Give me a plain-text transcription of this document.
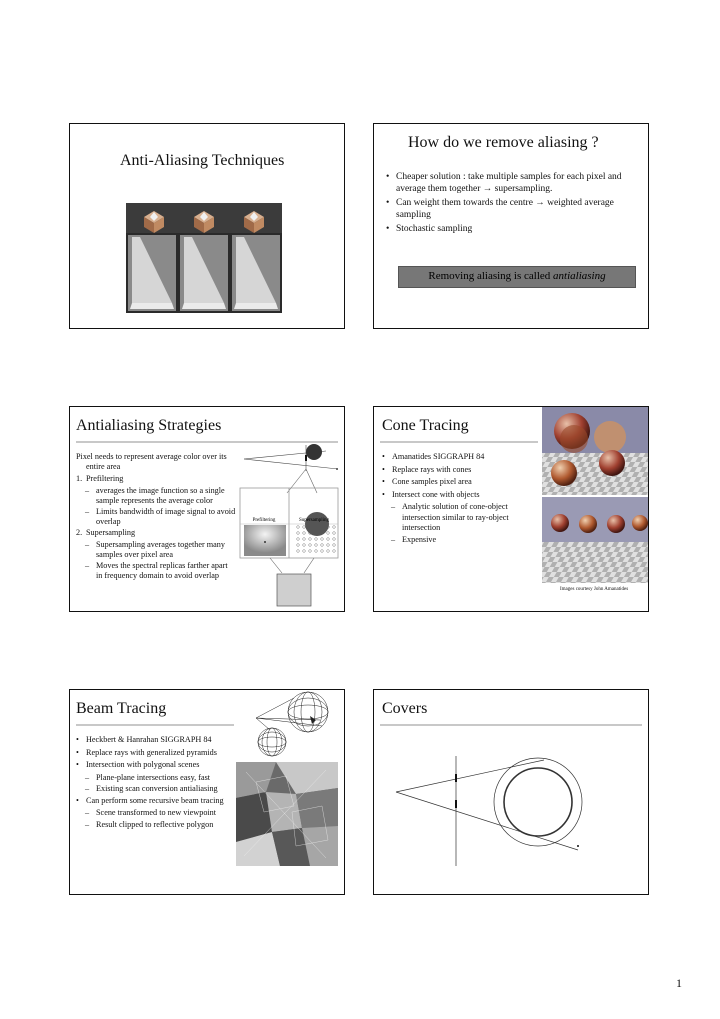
Anti-Aliasing Techniques
How do we remove aliasing ?
• Cheaper solution : take multiple samples for each pixel and average them together → supersampling.
• Can weight them towards the centre → weighted average sampling
• Stochastic sampling
Removing aliasing is called antialiasing
Antialiasing Strategies
Pixel needs to represent average color over its entire area
1. Prefiltering
– averages the image function so a single sample represents the average color
– Limits bandwidth of image signal to avoid overlap
2. Supersampling
– Supersampling averages together many samples over pixel area
– Moves the spectral replicas farther apart in frequency domain to avoid overlap
Prefiltering	Supersampling
Cone Tracing
• Amanatides SIGGRAPH 84
• Replace rays with cones
• Cone samples pixel area
• Intersect cone with objects
– Analytic solution of cone-object intersection similar to ray-object intersection
– Expensive
Images courtesy John Amanatides
Beam Tracing
• Heckbert & Hanrahan SIGGRAPH 84
• Replace rays with generalized pyramids
• Intersection with polygonal scenes
– Plane-plane intersections easy, fast
– Existing scan conversion antialiasing
• Can perform some recursive beam tracing
– Scene transformed to new viewpoint
– Result clipped to reflective polygon
Covers
1
